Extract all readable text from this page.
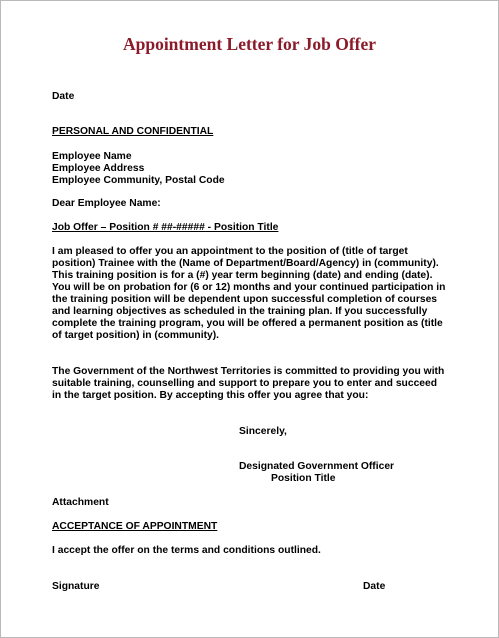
Appointment Letter for Job Offer
Date
PERSONAL AND CONFIDENTIAL
Employee Name
Employee Address
Employee Community, Postal Code
Dear Employee Name:
Job Offer – Position # ##-##### - Position Title
I am pleased to offer you an appointment to the position of (title of target
position) Trainee with the (Name of Department/Board/Agency) in (community).
This training position is for a (#) year term beginning (date) and ending (date).
You will be on probation for (6 or 12) months and your continued participation in
the training position will be dependent upon successful completion of courses
and learning objectives as scheduled in the training plan. If you successfully
complete the training program, you will be offered a permanent position as (title
of target position) in (community).
The Government of the Northwest Territories is committed to providing you with
suitable training, counselling and support to prepare you to enter and succeed
in the target position. By accepting this offer you agree that you:
Sincerely,
Designated Government Officer
Position Title
Attachment
ACCEPTANCE OF APPOINTMENT
I accept the offer on the terms and conditions outlined.
Signature	Date
